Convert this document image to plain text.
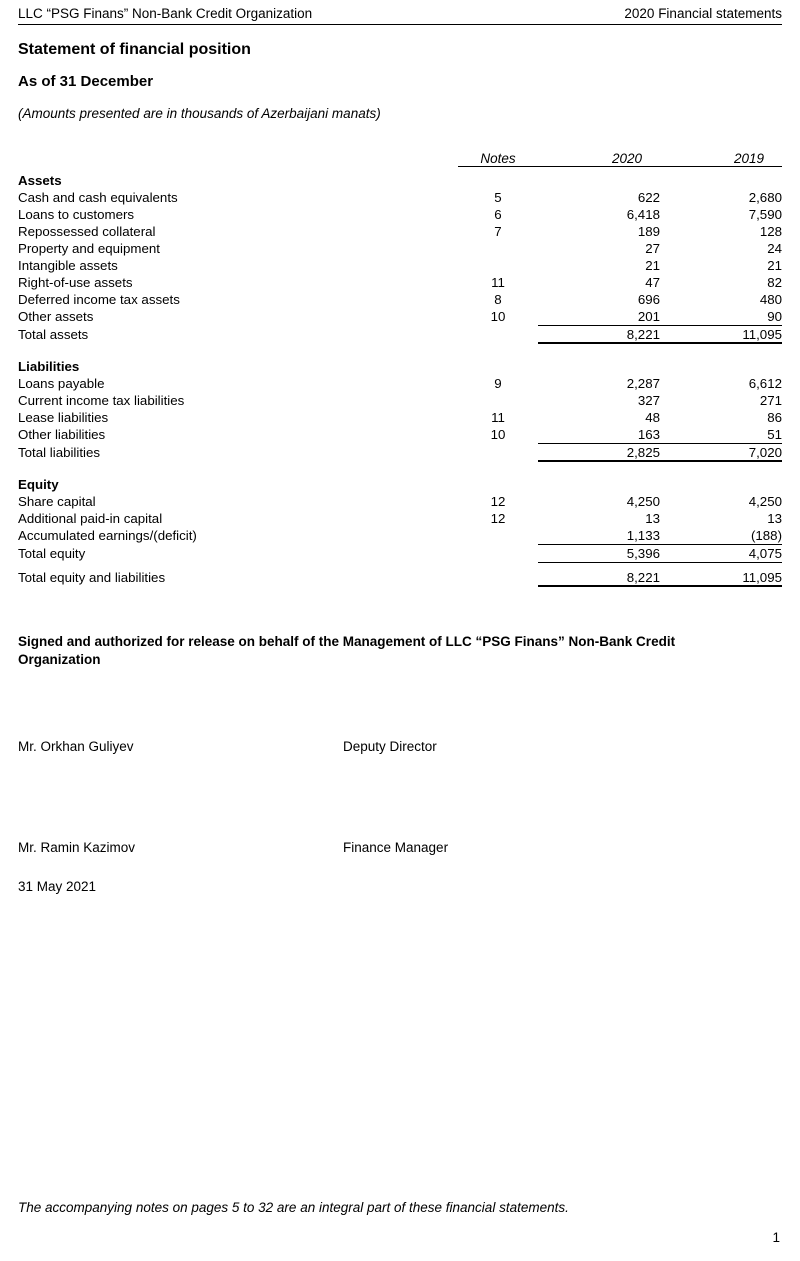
LLC “PSG Finans” Non-Bank Credit Organization	2020 Financial statements
Statement of financial position
As of 31 December
(Amounts presented are in thousands of Azerbaijani manats)
	Notes	2020	2019
Assets			
Cash and cash equivalents	5	622	2,680
Loans to customers	6	6,418	7,590
Repossessed collateral	7	189	128
Property and equipment		27	24
Intangible assets		21	21
Right-of-use assets	11	47	82
Deferred income tax assets	8	696	480
Other assets	10	201	90
Total assets		8,221	11,095

Liabilities			
Loans payable	9	2,287	6,612
Current income tax liabilities		327	271
Lease liabilities	11	48	86
Other liabilities	10	163	51
Total liabilities		2,825	7,020

Equity			
Share capital	12	4,250	4,250
Additional paid-in capital	12	13	13
Accumulated earnings/(deficit)		1,133	(188)
Total equity		5,396	4,075

Total equity and liabilities		8,221	11,095
Signed and authorized for release on behalf of the Management of LLC “PSG Finans” Non-Bank Credit Organization
Mr. Orkhan Guliyev	Deputy Director
Mr. Ramin Kazimov	Finance Manager
31 May 2021
The accompanying notes on pages 5 to 32 are an integral part of these financial statements.
1
